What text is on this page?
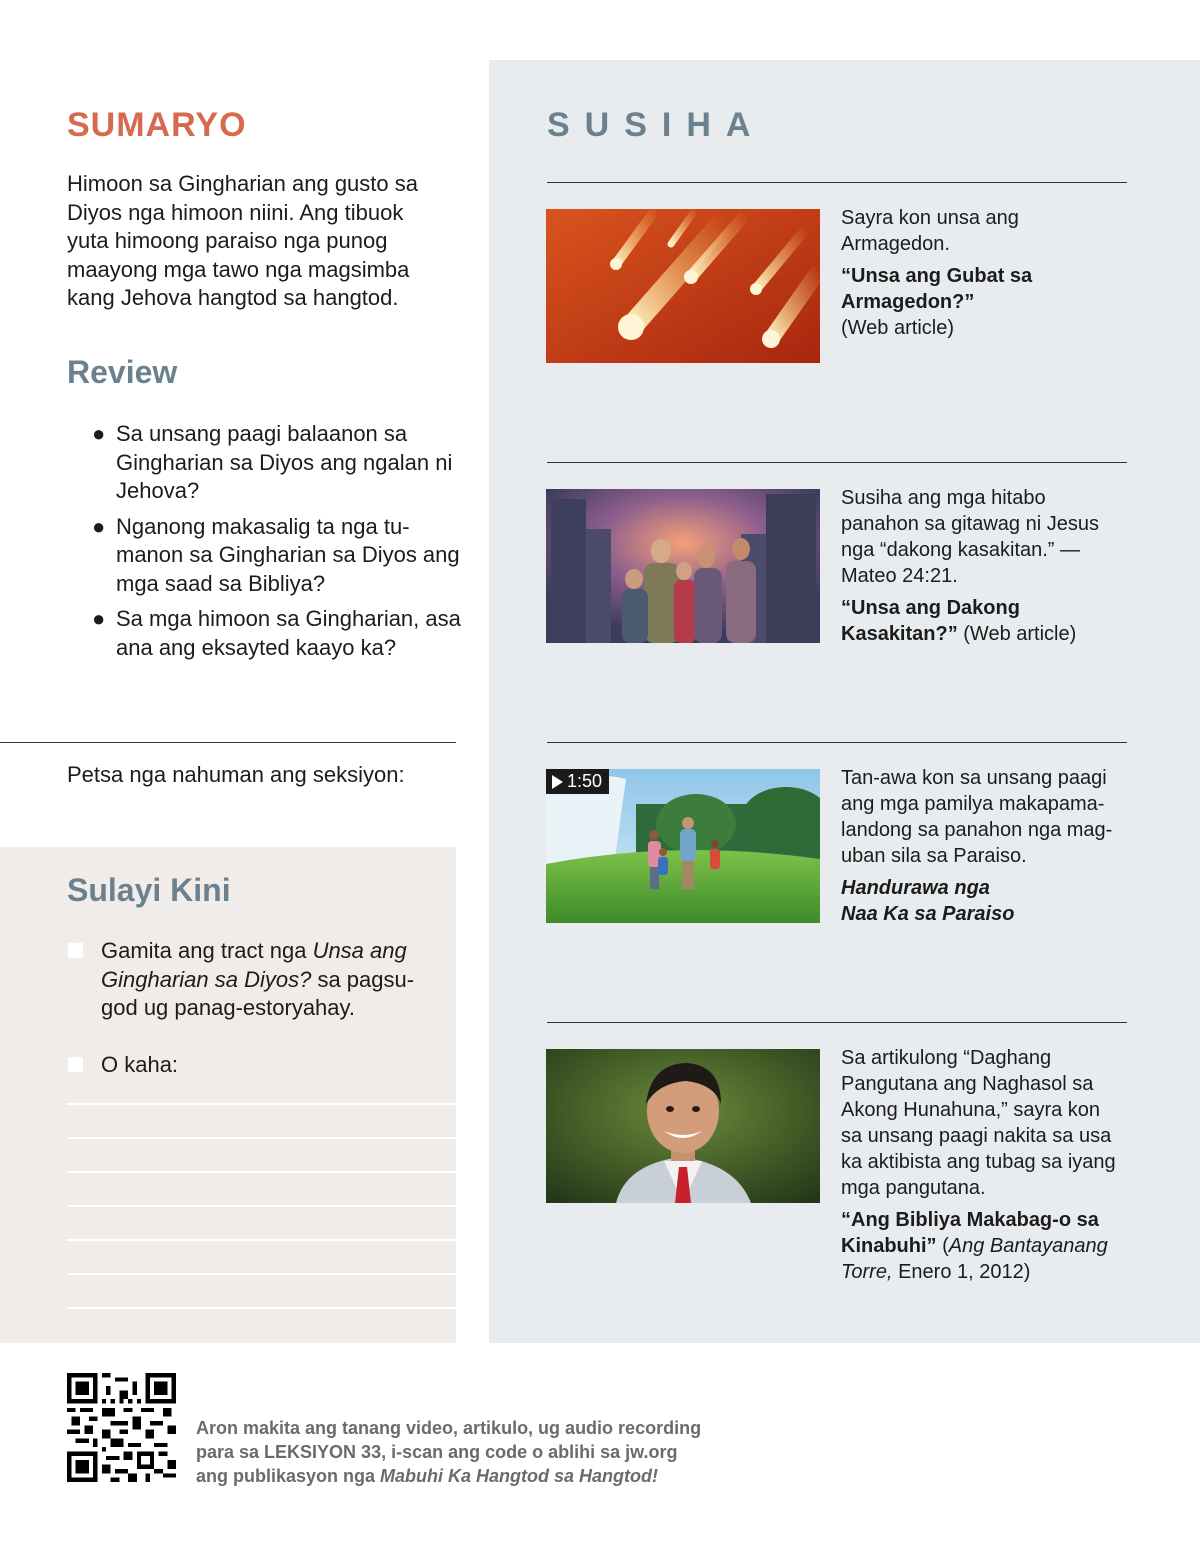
SUMARYO

Himoon sa Gingharian ang gusto sa Diyos nga himoon niini. Ang tibuok yuta himoong paraiso nga punog maayong mga tawo nga magsimba kang Jehova hangtod sa hangtod.

Review
● Sa unsang paagi balaanon sa Gingharian sa Diyos ang ngalan ni Jehova?
● Nganong makasalig ta nga tumanon sa Gingharian sa Diyos ang mga saad sa Bibliya?
● Sa mga himoon sa Gingharian, asa ana ang eksayted kaayo ka?

Petsa nga nahuman ang seksiyon:

Sulayi Kini

Gamita ang tract nga Unsa ang Gingharian sa Diyos? sa pagsugod ug panag-estoryahay.

O kaha:

SUSIHA

Sayra kon unsa ang Armagedon.

“Unsa ang Gubat sa Armagedon?”
(Web article)

Susiha ang mga hitabo panahon sa gitawag ni Jesus nga “dakong kasakitan.” —Mateo 24:21.

“Unsa ang Dakong Kasakitan?” (Web article)

1:50	Tan-awa kon sa unsang paagi ang mga pamilya makapamalandong sa panahon nga mag-uban sila sa Paraiso.

Handurawa nga Naa Ka sa Paraiso

Sa artikulong “Daghang Pangutana ang Naghasol sa Akong Hunahuna,” sayra kon sa unsang paagi nakita sa usa ka aktibista ang tubag sa iyang mga pangutana.

“Ang Bibliya Makabag-o sa Kinabuhi” (Ang Bantayanang Torre, Enero 1, 2012)

Aron makita ang tanang video, artikulo, ug audio recording
para sa LEKSIYON 33, i-scan ang code o ablihi sa jw.org
ang publikasyon nga Mabuhi Ka Hangtod sa Hangtod!
